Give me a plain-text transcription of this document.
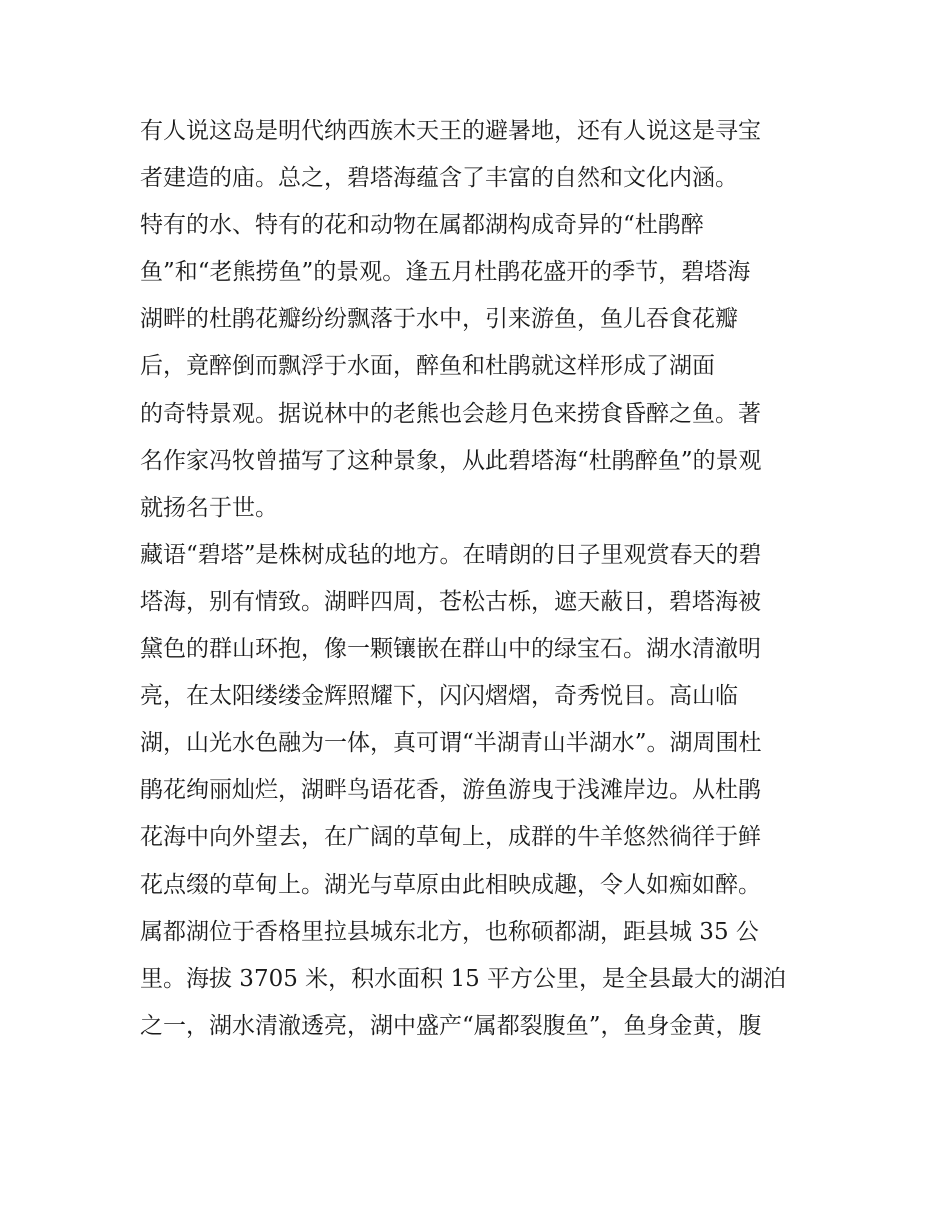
有人说这岛是明代纳西族木天王的避暑地，还有人说这是寻宝
者建造的庙。总之，碧塔海蕴含了丰富的自然和文化内涵。
特有的水、特有的花和动物在属都湖构成奇异的“杜鹃醉
鱼”和“老熊捞鱼”的景观。逢五月杜鹃花盛开的季节，碧塔海
湖畔的杜鹃花瓣纷纷飘落于水中，引来游鱼，鱼儿吞食花瓣
后，竟醉倒而飘浮于水面，醉鱼和杜鹃就这样形成了湖面
的奇特景观。据说林中的老熊也会趁月色来捞食昏醉之鱼。著
名作家冯牧曾描写了这种景象，从此碧塔海“杜鹃醉鱼”的景观
就扬名于世。
藏语“碧塔”是株树成毡的地方。在晴朗的日子里观赏春天的碧
塔海，别有情致。湖畔四周，苍松古栎，遮天蔽日，碧塔海被
黛色的群山环抱，像一颗镶嵌在群山中的绿宝石。湖水清澈明
亮，在太阳缕缕金辉照耀下，闪闪熠熠，奇秀悦目。高山临
湖，山光水色融为一体，真可谓“半湖青山半湖水”。湖周围杜
鹃花绚丽灿烂，湖畔鸟语花香，游鱼游曳于浅滩岸边。从杜鹃
花海中向外望去，在广阔的草甸上，成群的牛羊悠然徜徉于鲜
花点缀的草甸上。湖光与草原由此相映成趣，令人如痴如醉。
属都湖位于香格里拉县城东北方，也称硕都湖，距县城 35 公
里。海拔 3705 米，积水面积 15 平方公里，是全县最大的湖泊
之一，湖水清澈透亮，湖中盛产“属都裂腹鱼”，鱼身金黄，腹
